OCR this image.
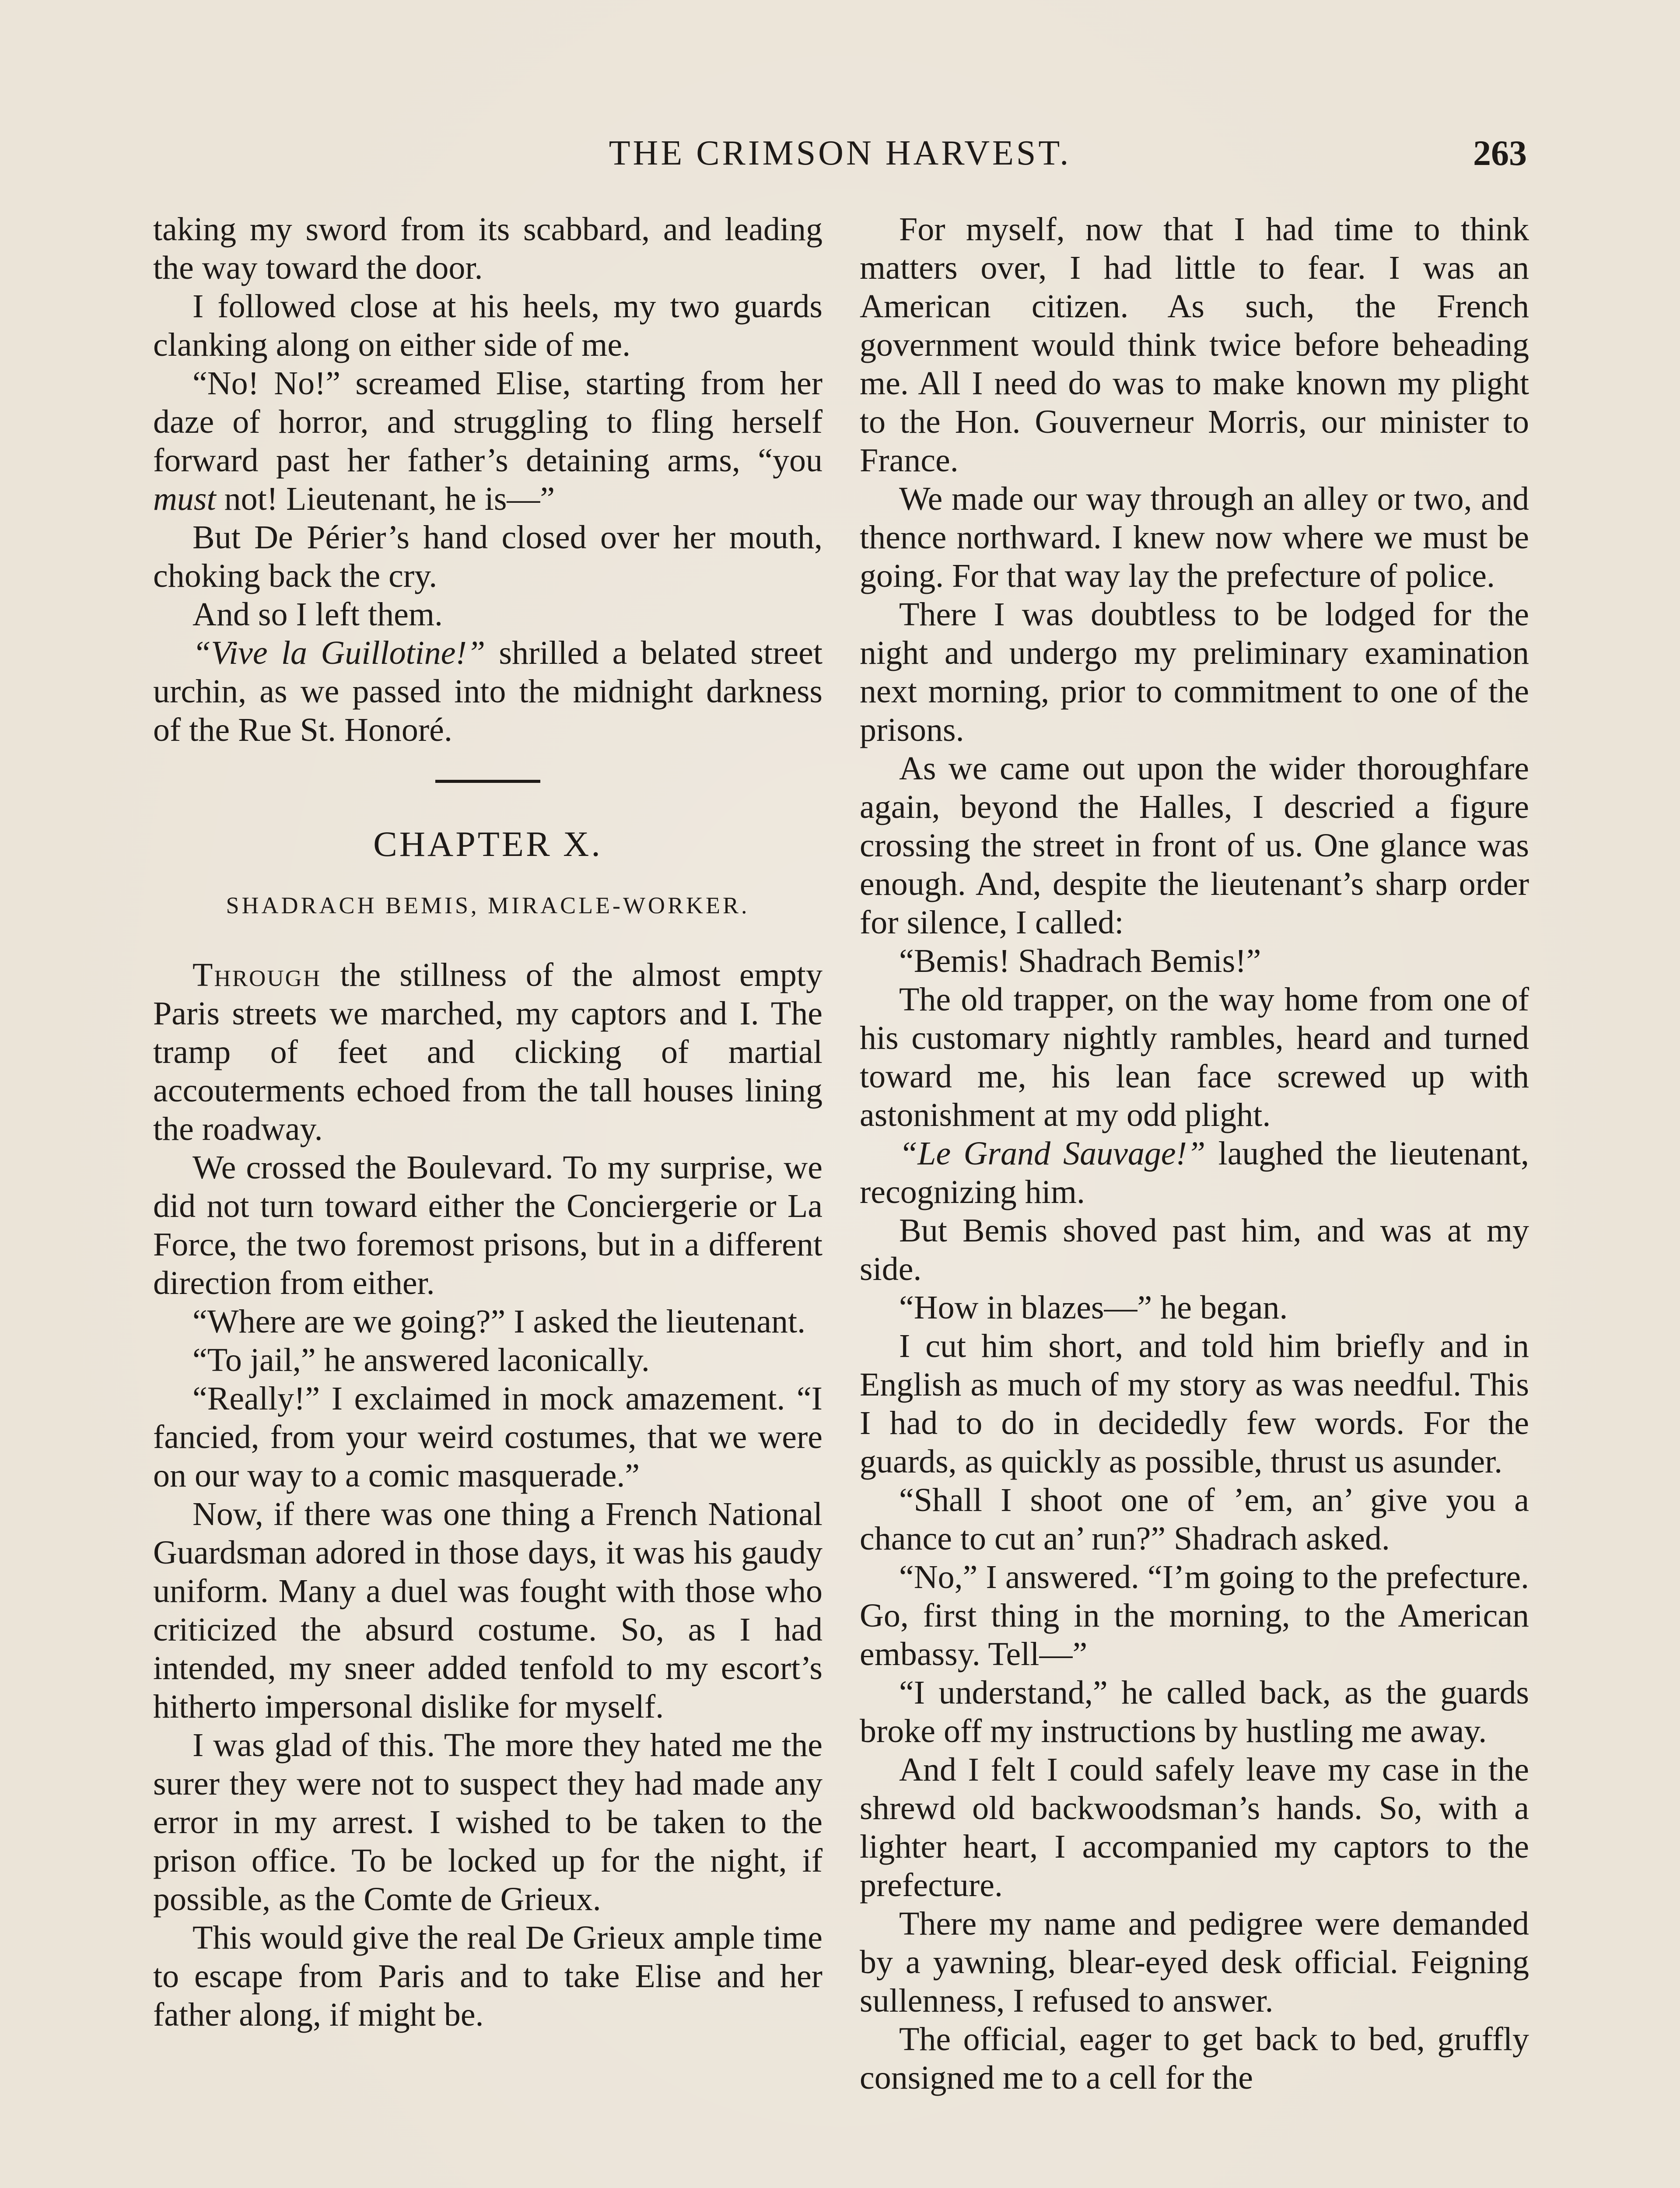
THE CRIMSON HARVEST.	263

taking my sword from its scabbard, and leading the way toward the door.

I followed close at his heels, my two guards clanking along on either side of me.

“No! No!” screamed Elise, starting from her daze of horror, and struggling to fling herself forward past her father’s detaining arms, “you must not! Lieutenant, he is—”

But De Périer’s hand closed over her mouth, choking back the cry.

And so I left them.

“Vive la Guillotine!” shrilled a belated street urchin, as we passed into the midnight darkness of the Rue St. Honoré.

CHAPTER X.
SHADRACH BEMIS, MIRACLE-WORKER.

Through the stillness of the almost empty Paris streets we marched, my captors and I. The tramp of feet and clicking of martial accouterments echoed from the tall houses lining the roadway.

We crossed the Boulevard. To my surprise, we did not turn toward either the Conciergerie or La Force, the two foremost prisons, but in a different direction from either.

“Where are we going?” I asked the lieutenant.

“To jail,” he answered laconically.

“Really!” I exclaimed in mock amazement. “I fancied, from your weird costumes, that we were on our way to a comic masquerade.”

Now, if there was one thing a French National Guardsman adored in those days, it was his gaudy uniform. Many a duel was fought with those who criticized the absurd costume. So, as I had intended, my sneer added tenfold to my escort’s hitherto impersonal dislike for myself.

I was glad of this. The more they hated me the surer they were not to suspect they had made any error in my arrest. I wished to be taken to the prison office. To be locked up for the night, if possible, as the Comte de Grieux.

This would give the real De Grieux ample time to escape from Paris and to take Elise and her father along, if might be.

For myself, now that I had time to think matters over, I had little to fear. I was an American citizen. As such, the French government would think twice before beheading me. All I need do was to make known my plight to the Hon. Gouverneur Morris, our minister to France.

We made our way through an alley or two, and thence northward. I knew now where we must be going. For that way lay the prefecture of police.

There I was doubtless to be lodged for the night and undergo my preliminary examination next morning, prior to commitment to one of the prisons.

As we came out upon the wider thoroughfare again, beyond the Halles, I descried a figure crossing the street in front of us. One glance was enough. And, despite the lieutenant’s sharp order for silence, I called:

“Bemis! Shadrach Bemis!”

The old trapper, on the way home from one of his customary nightly rambles, heard and turned toward me, his lean face screwed up with astonishment at my odd plight.

“Le Grand Sauvage!” laughed the lieutenant, recognizing him.

But Bemis shoved past him, and was at my side.

“How in blazes—” he began.

I cut him short, and told him briefly and in English as much of my story as was needful. This I had to do in decidedly few words. For the guards, as quickly as possible, thrust us asunder.

“Shall I shoot one of ’em, an’ give you a chance to cut an’ run?” Shadrach asked.

“No,” I answered. “I’m going to the prefecture. Go, first thing in the morning, to the American embassy. Tell—”

“I understand,” he called back, as the guards broke off my instructions by hustling me away.

And I felt I could safely leave my case in the shrewd old backwoodsman’s hands. So, with a lighter heart, I accompanied my captors to the prefecture.

There my name and pedigree were demanded by a yawning, blear-eyed desk official. Feigning sullenness, I refused to answer.

The official, eager to get back to bed, gruffly consigned me to a cell for the
